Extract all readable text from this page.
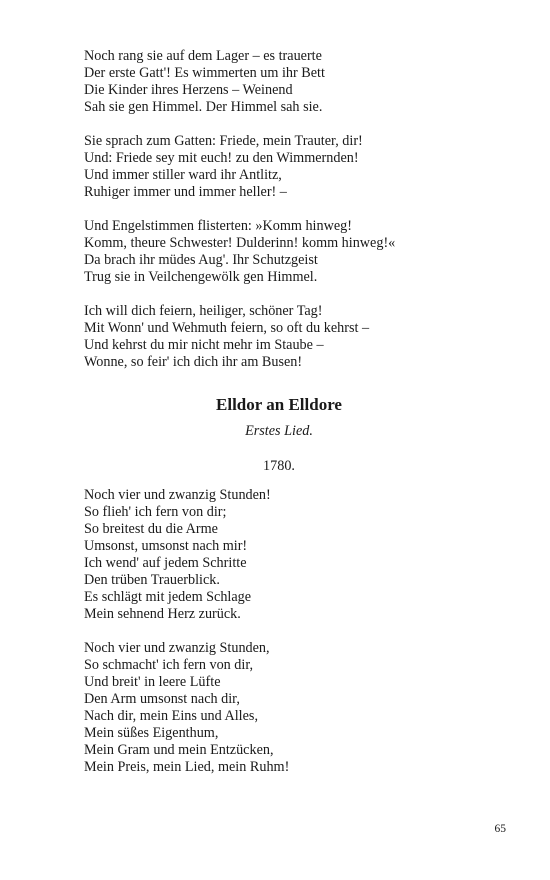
Noch rang sie auf dem Lager – es trauerte
Der erste Gatt'! Es wimmerten um ihr Bett
Die Kinder ihres Herzens – Weinend
Sah sie gen Himmel. Der Himmel sah sie.
Sie sprach zum Gatten: Friede, mein Trauter, dir!
Und: Friede sey mit euch! zu den Wimmernden!
Und immer stiller ward ihr Antlitz,
Ruhiger immer und immer heller! –
Und Engelstimmen flisterten: »Komm hinweg!
Komm, theure Schwester! Dulderinn! komm hinweg!«
Da brach ihr müdes Aug'. Ihr Schutzgeist
Trug sie in Veilchengewölk gen Himmel.
Ich will dich feiern, heiliger, schöner Tag!
Mit Wonn' und Wehmuth feiern, so oft du kehrst –
Und kehrst du mir nicht mehr im Staube –
Wonne, so feir' ich dich ihr am Busen!
Elldor an Elldore
Erstes Lied.
1780.
Noch vier und zwanzig Stunden!
So flieh' ich fern von dir;
So breitest du die Arme
Umsonst, umsonst nach mir!
Ich wend' auf jedem Schritte
Den trüben Trauerblick.
Es schlägt mit jedem Schlage
Mein sehnend Herz zurück.
Noch vier und zwanzig Stunden,
So schmacht' ich fern von dir,
Und breit' in leere Lüfte
Den Arm umsonst nach dir,
Nach dir, mein Eins und Alles,
Mein süßes Eigenthum,
Mein Gram und mein Entzücken,
Mein Preis, mein Lied, mein Ruhm!
65
